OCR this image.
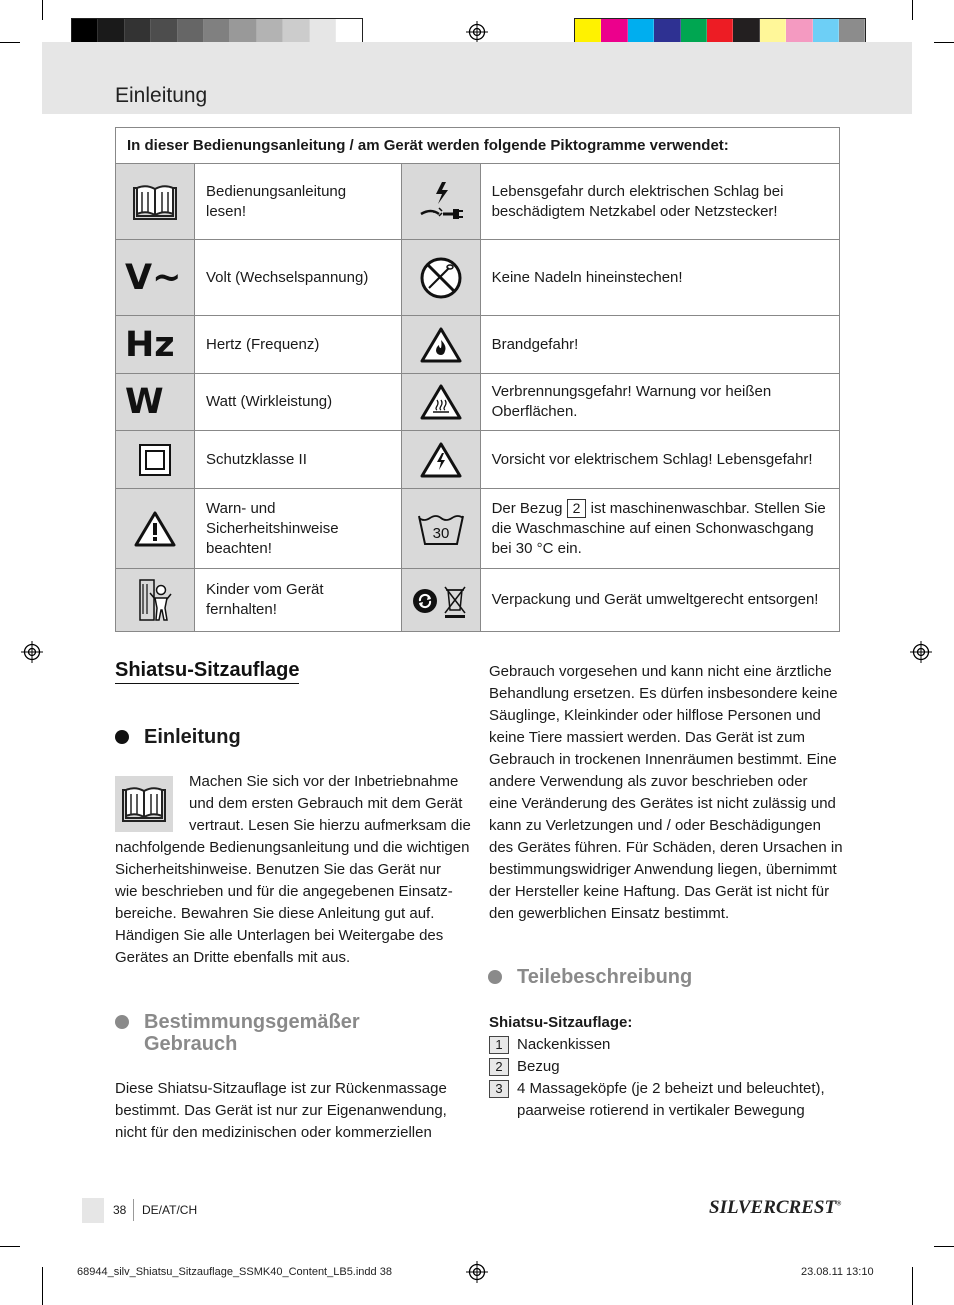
Einleitung
In dieser Bedienungsanleitung / am Gerät werden folgende Piktogramme verwendet:			
	Bedienungsanleitung lesen!		Lebensgefahr durch elektrischen Schlag bei beschädigtem Netzkabel oder Netzstecker!
V~	Volt (Wechselspannung)		Keine Nadeln hineinstechen!
Hz	Hertz (Frequenz)		Brandgefahr!
W	Watt (Wirkleistung)		Verbrennungsgefahr! Warnung vor heißen Oberflächen.
	Schutzklasse II		Vorsicht vor elektrischem Schlag! Lebensgefahr!
	Warn- und Sicherheitshinweise beachten!	30	Der Bezug 2 ist maschinenwaschbar. Stellen Sie die Waschmaschine auf einen Schonwaschgang bei 30 °C ein.
	Kinder vom Gerät fernhalten!		Verpackung und Gerät umweltgerecht entsorgen!
Shiatsu-Sitzauflage
Einleitung
Machen Sie sich vor der Inbetriebnahme
und dem ersten Gebrauch mit dem Gerät
vertraut. Lesen Sie hierzu aufmerksam die
nachfolgende Bedienungsanleitung und die wichtigen
Sicherheitshinweise. Benutzen Sie das Gerät nur
wie beschrieben und für die angegebenen Einsatz-
bereiche. Bewahren Sie diese Anleitung gut auf.
Händigen Sie alle Unterlagen bei Weitergabe des
Gerätes an Dritte ebenfalls mit aus.
Bestimmungsgemäßer
Gebrauch
Diese Shiatsu-Sitzauflage ist zur Rückenmassage
bestimmt. Das Gerät ist nur zur Eigenanwendung,
nicht für den medizinischen oder kommerziellen
Gebrauch vorgesehen und kann nicht eine ärztliche
Behandlung ersetzen. Es dürfen insbesondere keine
Säuglinge, Kleinkinder oder hilflose Personen und
keine Tiere massiert werden. Das Gerät ist zum
Gebrauch in trockenen Innenräumen bestimmt. Eine
andere Verwendung als zuvor beschrieben oder
eine Veränderung des Gerätes ist nicht zulässig und
kann zu Verletzungen und / oder Beschädigungen
des Gerätes führen. Für Schäden, deren Ursachen in
bestimmungswidriger Anwendung liegen, übernimmt
der Hersteller keine Haftung. Das Gerät ist nicht für
den gewerblichen Einsatz bestimmt.
Teilebeschreibung
Shiatsu-Sitzauflage:
1 Nackenkissen
2 Bezug
3 4 Massageköpfe (je 2 beheizt und beleuchtet), paarweise rotierend in vertikaler Bewegung
38 DE/AT/CH	SILVERCREST®
68944_silv_Shiatsu_Sitzauflage_SSMK40_Content_LB5.indd 38	23.08.11 13:10
